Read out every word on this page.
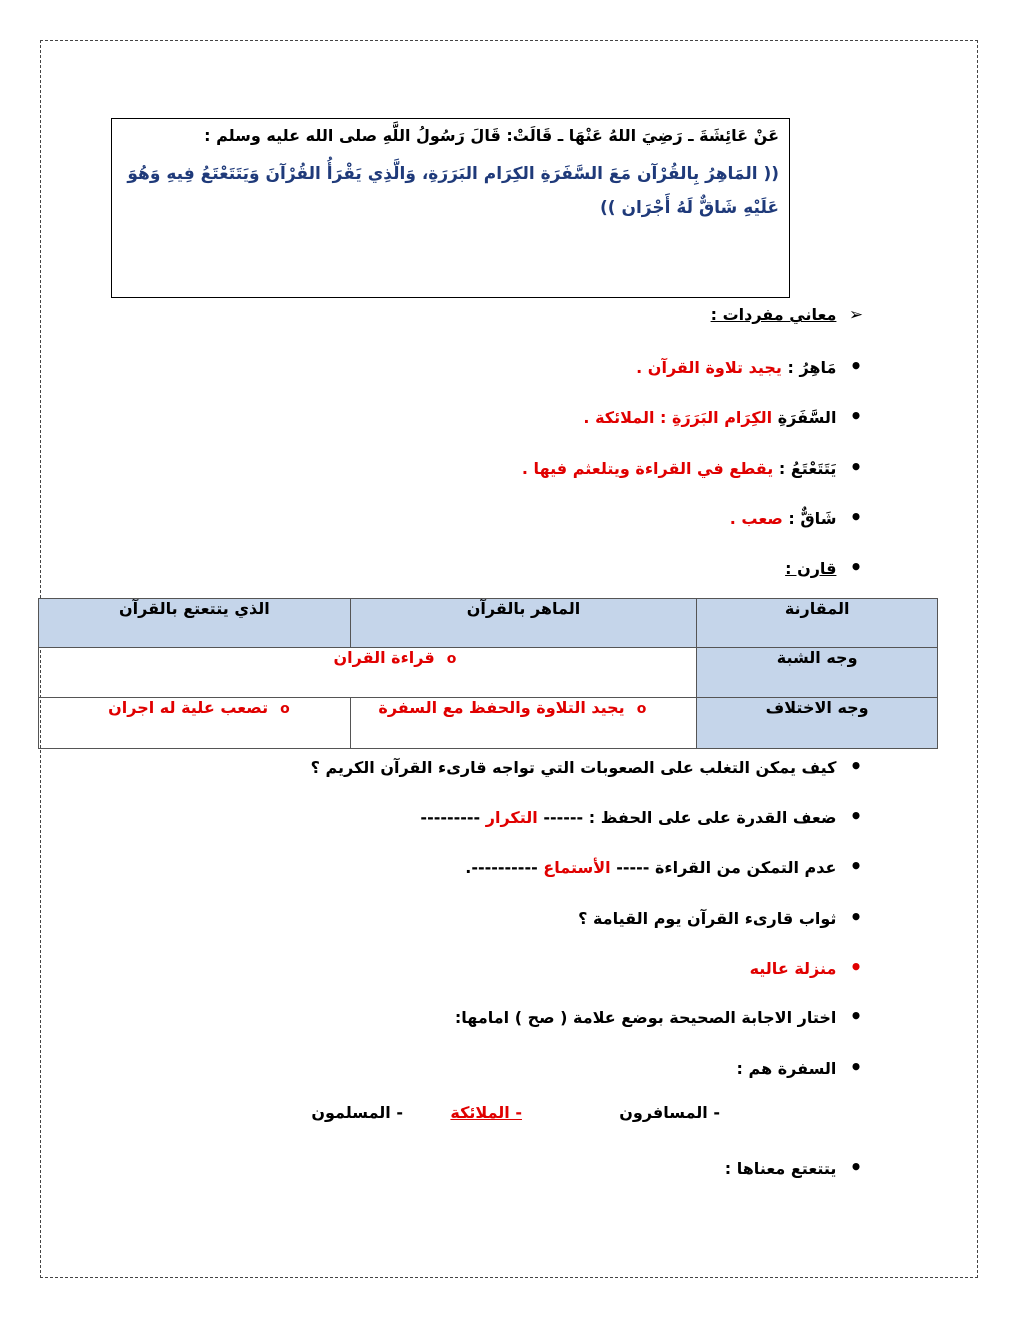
عَنْ عَائِشَةَ ـ رَضِيَ اللهُ عَنْهَا ـ قَالَتْ: قَالَ رَسُولُ اللَّهِ صلى الله عليه وسلم :
(( المَاهِرُ بِالقُرْآن مَعَ السَّفَرَةِ الكِرَام البَرَرَةِ، وَالَّذِي يَقْرَأُ القُرْآنَ وَيَتَتَعْتَعُ فِيهِ وَهُوَ عَلَيْهِ شَاقٌّ لَهُ أَجْرَان ))
➢ معاني مفردات :
• مَاهِرُ : يجيد تلاوة القرآن .
• السَّفَرَةِ الكِرَام البَرَرَةِ : الملائكة .
• يَتَتَعْتَعُ : يقطع في القراءة ويتلعثم فيها .
• شَاقٌّ : صعب .
• قارن :
المقارنة	الماهر بالقرآن	الذي يتتعتع بالقرآن
وجه الشبة	oقراءة القران	
وجه الاختلاف	oيجيد التلاوة والحفظ مع السفرة	oتصعب علية له اجران
• كيف يمكن التغلب على الصعوبات التي تواجه قارىء القرآن الكريم ؟
• ضعف القدرة على على الحفظ : ------ التكرار ---------
• عدم التمكن من القراءة ----- الأستماع ----------.
• ثواب قارىء القرآن يوم القيامة ؟
• منزلة عاليه
• اختار الاجابة الصحيحة بوضع علامة ( صح ) امامها:
• السفرة هم :
- المسافرون
- الملائكة
- المسلمون
• يتتعتع معناها :
